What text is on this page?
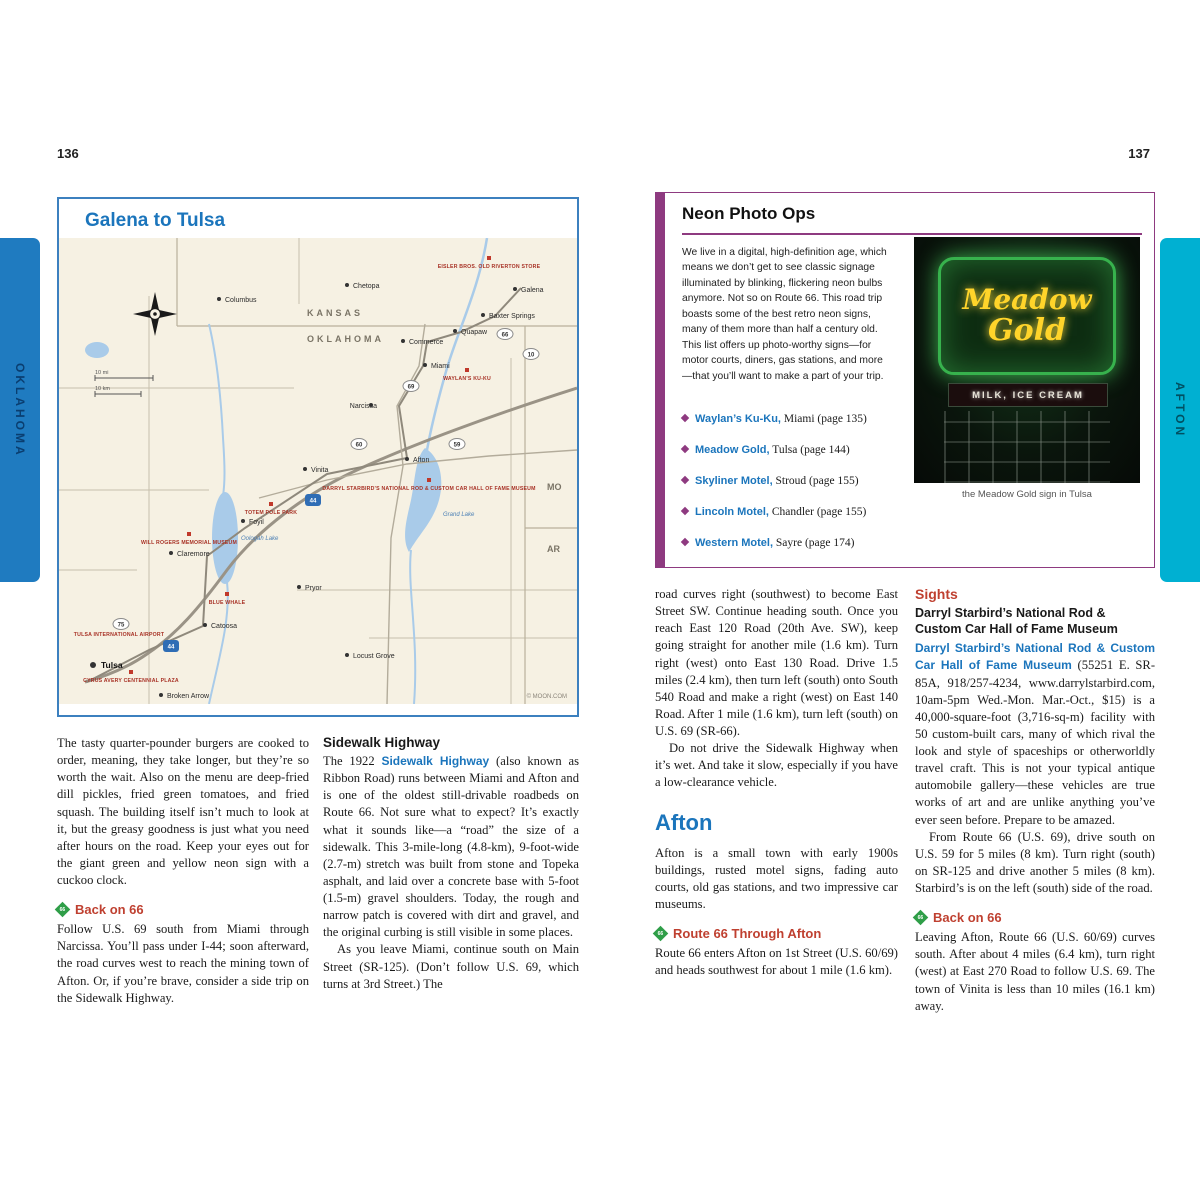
OKLAHOMA	AFTON
136	137
Galena to Tulsa
66
69
59
60
75
10
44
44
10 mi
10 km
KANSAS
OKLAHOMA
MO
AR
Grand Lake
Oologah Lake
Galena
Baxter Springs
Columbus
Chetopa
Quapaw
Commerce
Miami
Narcissa
Afton
Vinita
Foyil
Claremore
Catoosa
Tulsa
Pryor
Locust Grove
Broken Arrow
EISLER BROS. OLD RIVERTON STORE
WAYLAN’S KU-KU
DARRYL STARBIRD’S NATIONAL ROD & CUSTOM CAR HALL OF FAME MUSEUM
TOTEM POLE PARK
WILL ROGERS MEMORIAL MUSEUM
BLUE WHALE
TULSA INTERNATIONAL AIRPORT
CYRUS AVERY CENTENNIAL PLAZA
© MOON.COM

The tasty quarter-pounder burgers are cooked to order, meaning, they take longer, but they’re so worth the wait. Also on the menu are deep-fried dill pickles, fried green tomatoes, and fried squash. The building itself isn’t much to look at it, but the greasy goodness is just what you need after hours on the road. Keep your eyes out for the giant green and yellow neon sign with a cuckoo clock.

66 Back on 66

Follow U.S. 69 south from Miami through Narcissa. You’ll pass under I-44; soon afterward, the road curves west to reach the mining town of Afton. Or, if you’re brave, consider a side trip on the Sidewalk Highway.

Sidewalk Highway

The 1922 Sidewalk Highway (also known as Ribbon Road) runs between Miami and Afton and is one of the oldest still-drivable roadbeds on Route 66. Not sure what to expect? It’s exactly what it sounds like—a “road” the size of a sidewalk. This 3-mile-long (4.8-km), 9-foot-wide (2.7-m) stretch was built from stone and Topeka asphalt, and laid over a concrete base with 5-foot (1.5-m) gravel shoulders. Today, the rough and narrow patch is covered with dirt and gravel, and the original curbing is still visible in some places.

As you leave Miami, continue south on Main Street (SR-125). (Don’t follow U.S. 69, which turns at 3rd Street.) The

Neon Photo Ops
We live in a digital, high-definition age, which means we don’t get to see classic signage illuminated by blinking, flickering neon bulbs anymore. Not so on Route 66. This road trip boasts some of the best retro neon signs, many of them more than half a century old. This list offers up photo-worthy signs—for motor courts, diners, gas stations, and more—that you’ll want to make a part of your trip.
Waylan’s Ku-Ku, Miami (page 135)
Meadow Gold, Tulsa (page 144)
Skyliner Motel, Stroud (page 155)
Lincoln Motel, Chandler (page 155)
Western Motel, Sayre (page 174)
Meadow
Gold
MILK, ICE CREAM
the Meadow Gold sign in Tulsa

road curves right (southwest) to become East Street SW. Continue heading south. Once you reach East 120 Road (20th Ave. SW), keep going straight for another mile (1.6 km). Turn right (west) onto East 130 Road. Drive 1.5 miles (2.4 km), then turn left (south) onto South 540 Road and make a right (west) on East 140 Road. After 1 mile (1.6 km), turn left (south) on U.S. 69 (SR-66).

Do not drive the Sidewalk Highway when it’s wet. And take it slow, especially if you have a low-clearance vehicle.

Afton

Afton is a small town with early 1900s buildings, rusted motel signs, fading auto courts, old gas stations, and two impressive car museums.

66 Route 66 Through Afton

Route 66 enters Afton on 1st Street (U.S. 60/69) and heads southwest for about 1 mile (1.6 km).

Sights
Darryl Starbird’s National Rod & Custom Car Hall of Fame Museum

Darryl Starbird’s National Rod & Custom Car Hall of Fame Museum (55251 E. SR-85A, 918/257-4234, www.darrylstarbird.com, 10am-5pm Wed.-Mon. Mar.-Oct., $15) is a 40,000-square-foot (3,716-sq-m) facility with 50 custom-built cars, many of which rival the look and style of spaceships or otherworldly travel craft. This is not your typical antique automobile gallery—these vehicles are true works of art and are unlike anything you’ve ever seen before. Prepare to be amazed.

From Route 66 (U.S. 69), drive south on U.S. 59 for 5 miles (8 km). Turn right (south) on SR-125 and drive another 5 miles (8 km). Starbird’s is on the left (south) side of the road.

66 Back on 66

Leaving Afton, Route 66 (U.S. 60/69) curves south. After about 4 miles (6.4 km), turn right (west) at East 270 Road to follow U.S. 69. The town of Vinita is less than 10 miles (16.1 km) away.
